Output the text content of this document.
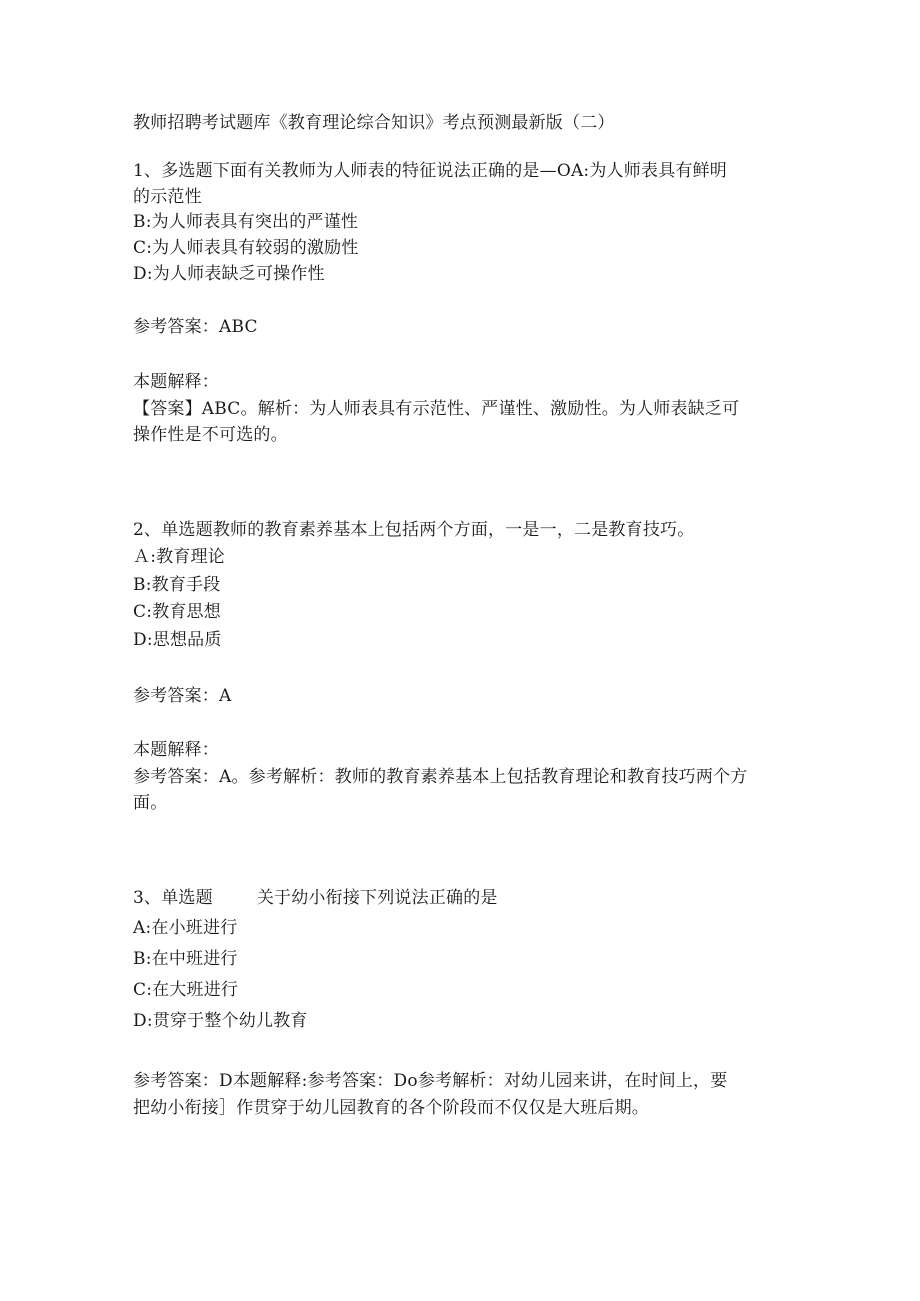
教师招聘考试题库《教育理论综合知识》考点预测最新版（二）
1、多选题下面有关教师为人师表的特征说法正确的是—OA:为人师表具有鲜明
的示范性
B:为人师表具有突出的严谨性
C:为人师表具有较弱的激励性
D:为人师表缺乏可操作性
参考答案：ABC
本题解释：
【答案】ABC。解析：为人师表具有示范性、严谨性、激励性。为人师表缺乏可
操作性是不可选的。
2、单选题教师的教育素养基本上包括两个方面，一是一，二是教育技巧。
Ａ:教育理论
B:教育手段
C:教育思想
D:思想品质
参考答案：A
本题解释：
参考答案：A。参考解析：教师的教育素养基本上包括教育理论和教育技巧两个方
面。
3、单选题	关于幼小衔接下列说法正确的是
A:在小班进行
B:在中班进行
C:在大班进行
D:贯穿于整个幼儿教育
参考答案：D本题解释:参考答案：Do参考解析：对幼儿园来讲，在时间上，要
把幼小衔接］作贯穿于幼儿园教育的各个阶段而不仅仅是大班后期。
